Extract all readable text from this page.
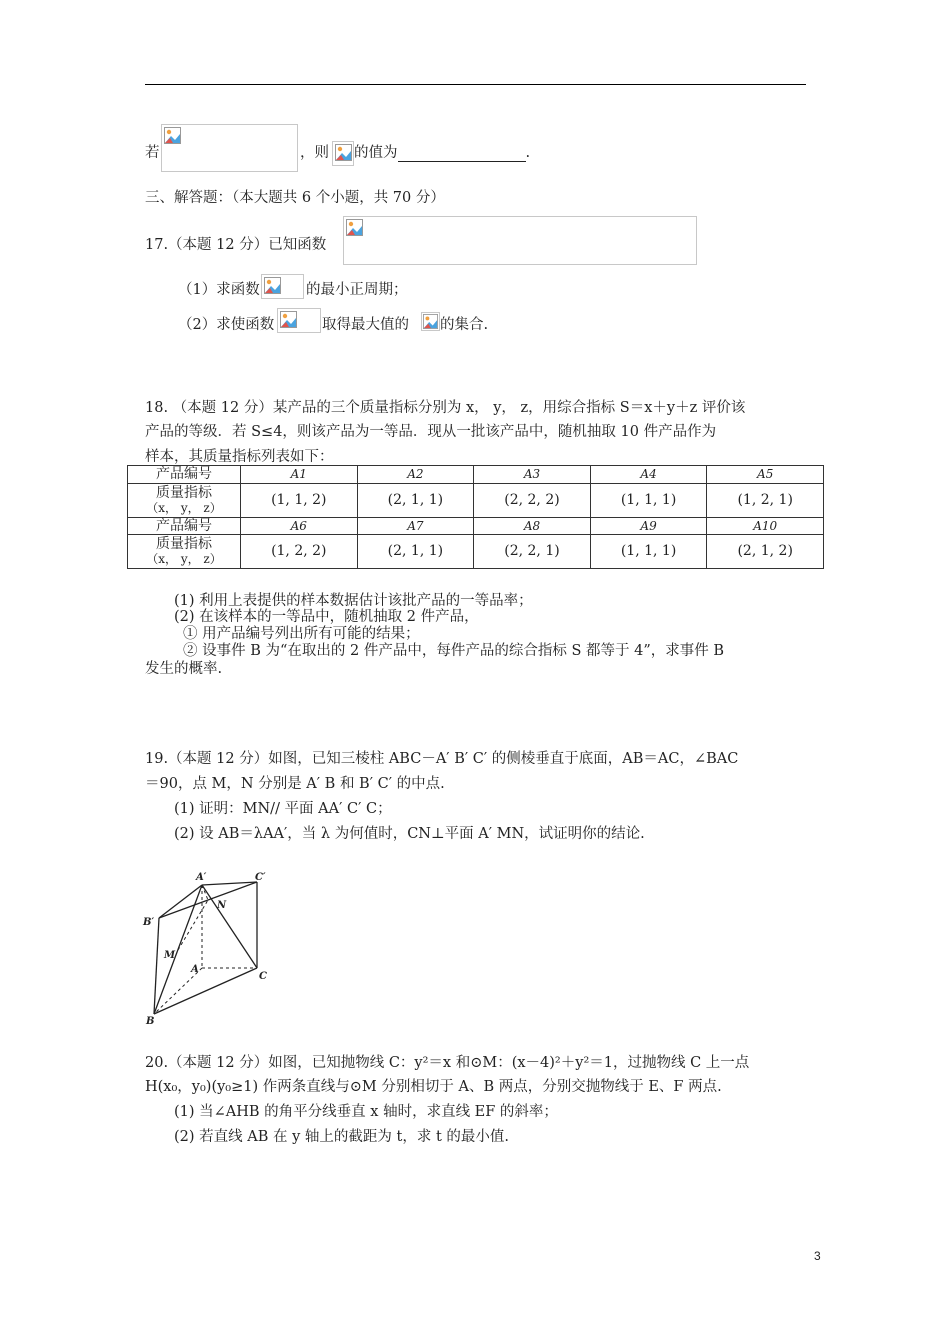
若	，则 的值为	.
三、解答题：（本大题共 6 个小题，共 70 分）
17.（本题 12 分）已知函数
（1）求函数	的最小正周期；
（2）求使函数	取得最大值的 的集合.
18. （本题 12 分）某产品的三个质量指标分别为 x， y， z，用综合指标 S＝x＋y＋z 评价该
产品的等级．若 S≤4，则该产品为一等品．现从一批该产品中，随机抽取 10 件产品作为
样本，其质量指标列表如下：
产品编号	A1	A2	A3	A4	A5
质量指标
（x， y， z）	(1, 1, 2)	(2, 1, 1)	(2, 2, 2)	(1, 1, 1)	(1, 2, 1)
产品编号	A6	A7	A8	A9	A10
质量指标
（x， y， z）	(1, 2, 2)	(2, 1, 1)	(2, 2, 1)	(1, 1, 1)	(2, 1, 2)
(1) 利用上表提供的样本数据估计该批产品的一等品率；
(2) 在该样本的一等品中，随机抽取 2 件产品，
① 用产品编号列出所有可能的结果；
② 设事件 B 为“在取出的 2 件产品中，每件产品的综合指标 S 都等于 4”，求事件 B
发生的概率.
19.（本题 12 分）如图，已知三棱柱 ABC－A′ B′ C′ 的侧棱垂直于底面，AB＝AC，∠BAC
＝90，点 M，N 分别是 A′ B 和 B′ C′ 的中点.
(1) 证明：MN// 平面 AA′ C′ C；
(2) 设 AB＝λAA′，当 λ 为何值时，CN⊥平面 A′ MN，试证明你的结论.
A′	C′
B′
N
M
A
C
B
20.（本题 12 分）如图，已知抛物线 C：y²＝x 和⊙M：(x－4)²＋y²＝1，过抛物线 C 上一点
H(x₀，y₀)(y₀≥1) 作两条直线与⊙M 分别相切于 A、B 两点，分别交抛物线于 E、F 两点.
(1) 当∠AHB 的角平分线垂直 x 轴时，求直线 EF 的斜率；
(2) 若直线 AB 在 y 轴上的截距为 t，求 t 的最小值.
3
